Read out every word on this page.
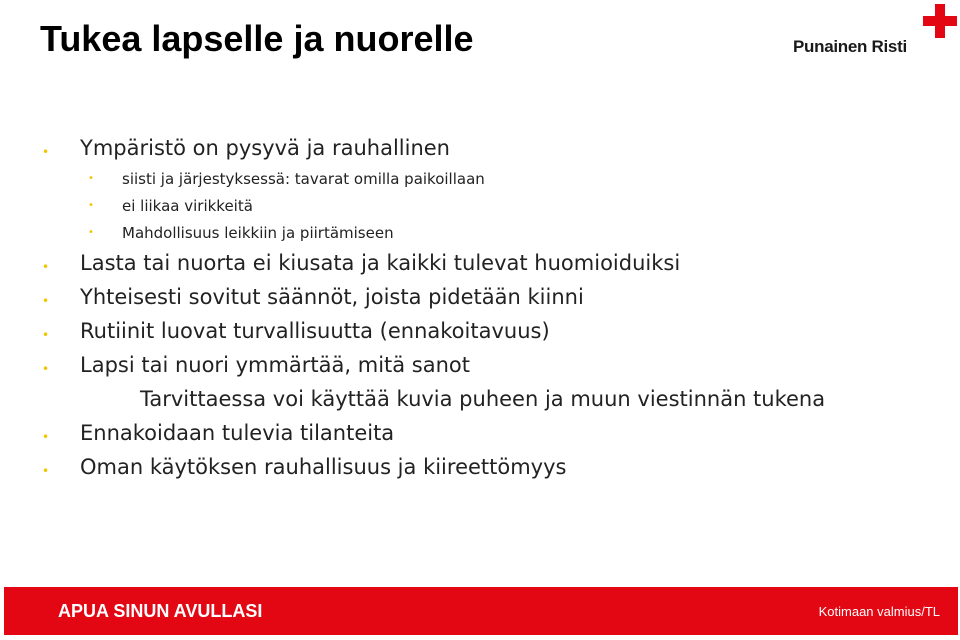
Tukea lapselle ja nuorelle	Punainen Risti
• Ympäristö on pysyvä ja rauhallinen
• siisti ja järjestyksessä: tavarat omilla paikoillaan
• ei liikaa virikkeitä
• Mahdollisuus leikkiin ja piirtämiseen
• Lasta tai nuorta ei kiusata ja kaikki tulevat huomioiduiksi
• Yhteisesti sovitut säännöt, joista pidetään kiinni
• Rutiinit luovat turvallisuutta (ennakoitavuus)
• Lapsi tai nuori ymmärtää, mitä sanot
Tarvittaessa voi käyttää kuvia puheen ja muun viestinnän tukena
• Ennakoidaan tulevia tilanteita
• Oman käytöksen rauhallisuus ja kiireettömyys
APUA SINUN AVULLASI	Kotimaan valmius/TL
